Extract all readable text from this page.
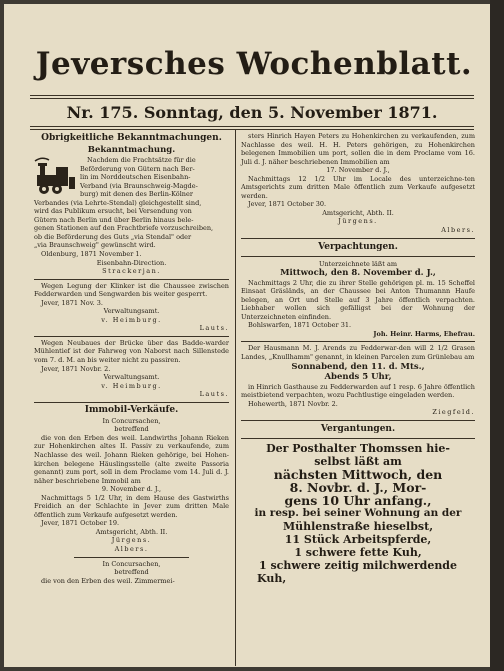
Jeversches Wochenblatt.
Nr. 175. Sonntag, den 5. November 1871.
Obrigkeitliche Bekanntmachungen.
Bekanntmachung.
Nachdem die Frachtsätze für die
Beförderung von Gütern nach Ber-
lin im Norddeutschen Eisenbahn-
Verband (via Braunschweig-Magde-
burg) mit denen des Berlin-Kölner
Verbandes (via Lehrte-Stendal) gleichgestellt sind,
wird das Publikum ersucht, bei Versendung von
Gütern nach Berlin und über Berlin hinaus bele-
genen Stationen auf den Frachtbriefe vorzuschreiben,
ob die Beförderung des Guts „via Stendal" oder
„via Braunschweig" gewünscht wird.
Oldenburg, 1871 November 1.
Eisenbahn-Direction.
Strackerjan.
Wegen Legung der Klinker ist die Chaussee zwischen Fedderwarden und Sengwarden bis weiter gesperrt.
Jever, 1871 Nov. 3.
Verwaltungsamt.
v. Heimburg.
Lauts.
Wegen Neubaues der Brücke über das Badde-warder Mühlentief ist der Fahrweg von Naborst nach Sillenstede vom 7. d. M. an bis weiter nicht zu passiren.
Jever, 1871 Novbr. 2.
Verwaltungsamt.
v. Heimburg.
Lauts.
Immobil-Verkäufe.
In Concursachen,
betreffend
die von den Erben des weil. Landwirths Johann Rieken zur Hohenkirchen altes II. Passiv zu verkaufende, zum Nachlasse des weil. Johann Rieken gehörige, bei Hohen-kirchen belegene Häuslingsstelle (alte zweite Passoria genannt) zum port, soll in dem Proclame vom 14. Juli d. J. näher beschriebene Immobil am
9. November d. J.,
Nachmittags 5 1/2 Uhr, in dem Hause des Gastwirths Freidich an der Schlachte in Jever zum dritten Male öffentlich zum Verkaufe aufgesetzt werden.
Jever, 1871 October 19.
Amtsgericht, Abth. II.
Jürgens.
Albers.
In Concursachen,
betreffend
die von den Erben des weil. Zimmermei-
sters Hinrich Hayen Peters zu Hohenkirchen zu verkaufenden, zum Nachlasse des weil. H. H. Peters gehörigen, zu Hohenkirchen belegenen Immobilien um port, sollen die in dem Proclame vom 16. Juli d. J. näher beschriebenen Immobilien am
17. November d. J.,
Nachmittags 12 1/2 Uhr im Locale des unterzeichne-ten Amtsgerichts zum dritten Male öffentlich zum Verkaufe aufgesetzt werden.
Jever, 1871 October 30.
Amtsgericht, Abth. II.
Jürgens.
Albers.
Verpachtungen.
Unterzeichnete läßt am
Mittwoch, den 8. November d. J.,
Nachmittags 2 Uhr, die zu ihrer Stelle gehörigen pl. m. 15 Scheffel Einsaat Gräsländs, an der Chaussee bei Anton Thumannn Haufe belegen, an Ort und Stelle auf 3 Jahre öffentlich verpachten. Liebhaber wollen sich gefälligst bei der Wohnung der Unterzeichneten einfinden.
Bohlswarfen, 1871 October 31.
Joh. Heinr. Harms, Ehefrau.
Der Hausmann M. J. Arends zu Fedderwar-den will 2 1/2 Grasen Landes, „Knullhamm" genannt, in kleinen Parcelen zum Grünlebau am
Sonnabend, den 11. d. Mts.,
Abends 5 Uhr,
in Hinrich Gasthause zu Fedderwarden auf 1 resp. 6 Jahre öffentlich meistbietend verpachten, wozu Pachtlustige eingeladen werden.
Hohewerth, 1871 Novbr. 2.
Ziegfeld.
Vergantungen.
Der Posthalter Thomssen hie-
selbst läßt am
nächsten Mittwoch, den
8. Novbr. d. J., Mor-
gens 10 Uhr anfang.,
in resp. bei seiner Wohnung an der
Mühlenstraße hieselbst,
11 Stück Arbeitspferde,
1 schwere fette Kuh,
1 schwere zeitig milchwerdende
Kuh,
